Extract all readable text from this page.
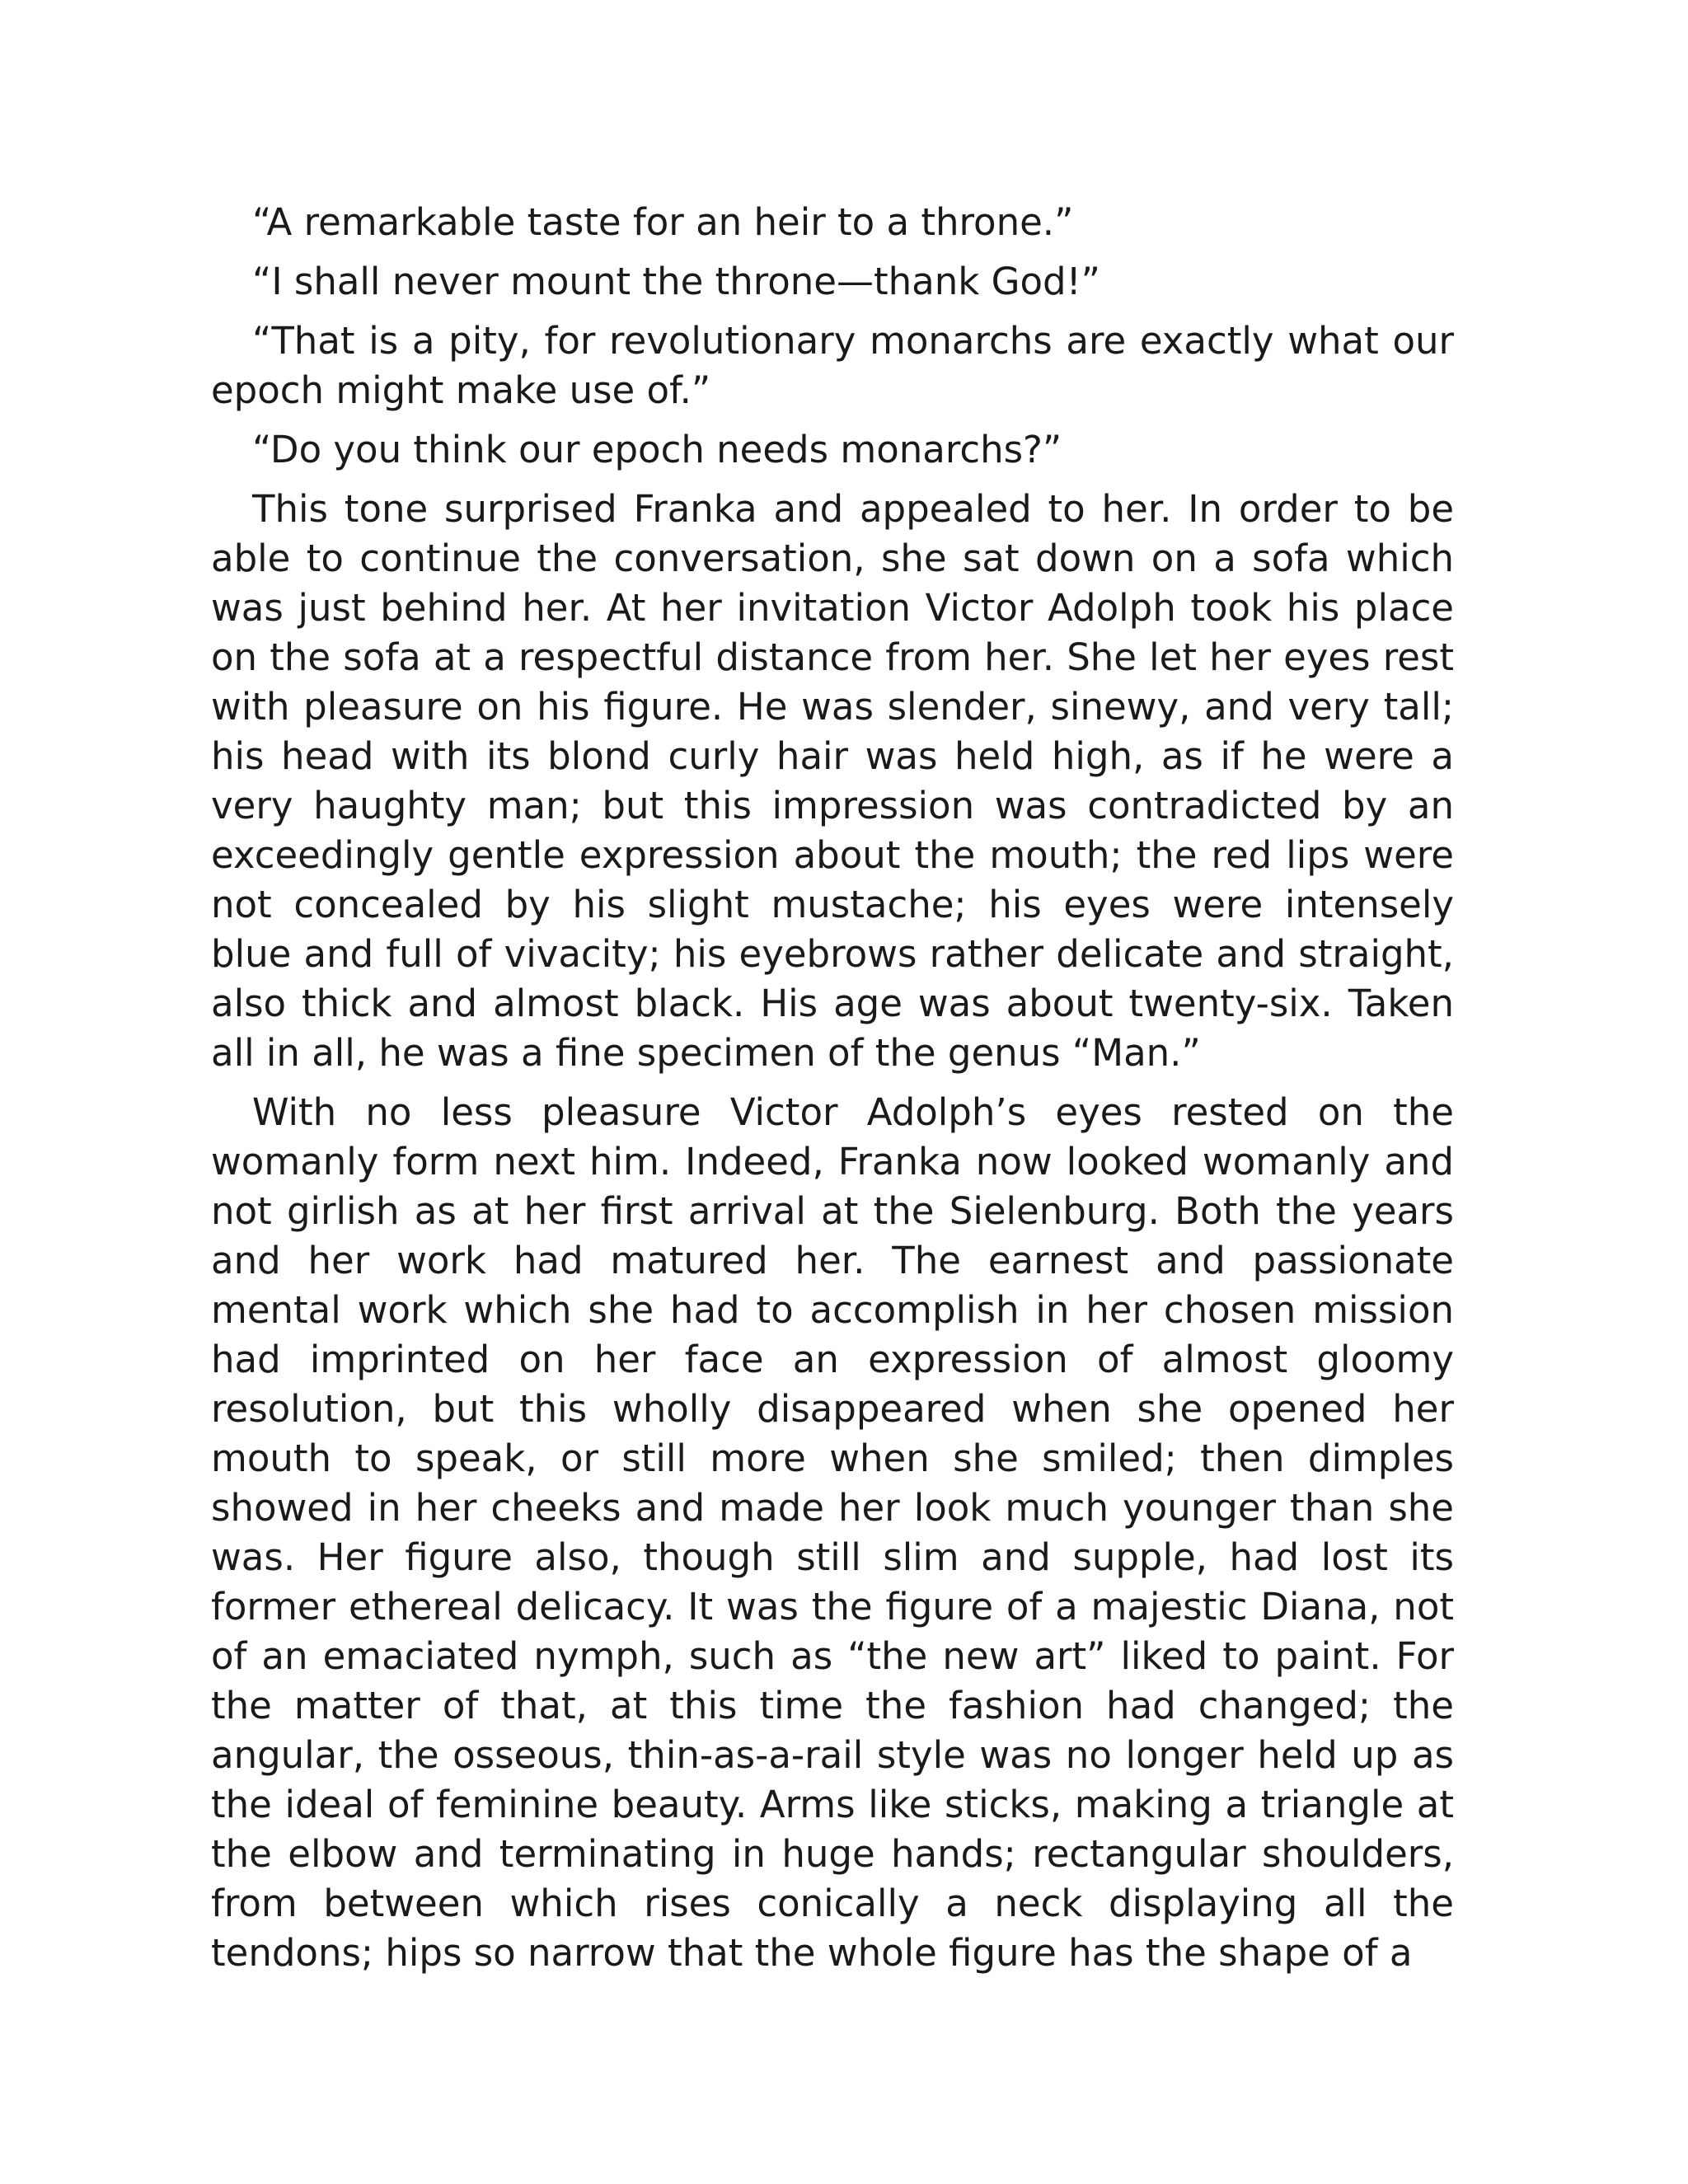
“A remarkable taste for an heir to a throne.”

“I shall never mount the throne—thank God!”

“That is a pity, for revolutionary monarchs are exactly what our epoch might make use of.”

“Do you think our epoch needs monarchs?”

This tone surprised Franka and appealed to her. In order to be able to continue the conversation, she sat down on a sofa which was just behind her. At her invitation Victor Adolph took his place on the sofa at a respectful distance from her. She let her eyes rest with pleasure on his figure. He was slender, sinewy, and very tall; his head with its blond curly hair was held high, as if he were a very haughty man; but this impression was contradicted by an exceedingly gentle expression about the mouth; the red lips were not concealed by his slight mustache; his eyes were intensely blue and full of vivacity; his eyebrows rather delicate and straight, also thick and almost black. His age was about twenty-six. Taken all in all, he was a fine specimen of the genus “Man.”

With no less pleasure Victor Adolph’s eyes rested on the womanly form next him. Indeed, Franka now looked womanly and not girlish as at her first arrival at the Sielenburg. Both the years and her work had matured her. The earnest and passionate mental work which she had to accomplish in her chosen mission had imprinted on her face an expression of almost gloomy resolution, but this wholly disappeared when she opened her mouth to speak, or still more when she smiled; then dimples showed in her cheeks and made her look much younger than she was. Her figure also, though still slim and supple, had lost its former ethereal delicacy. It was the figure of a majestic Diana, not of an emaciated nymph, such as “the new art” liked to paint. For the matter of that, at this time the fashion had changed; the angular, the osseous, thin-as-a-rail style was no longer held up as the ideal of feminine beauty. Arms like sticks, making a triangle at the elbow and terminating in huge hands; rectangular shoulders, from between which rises conically a neck displaying all the tendons; hips so narrow that the whole figure has the shape of a
